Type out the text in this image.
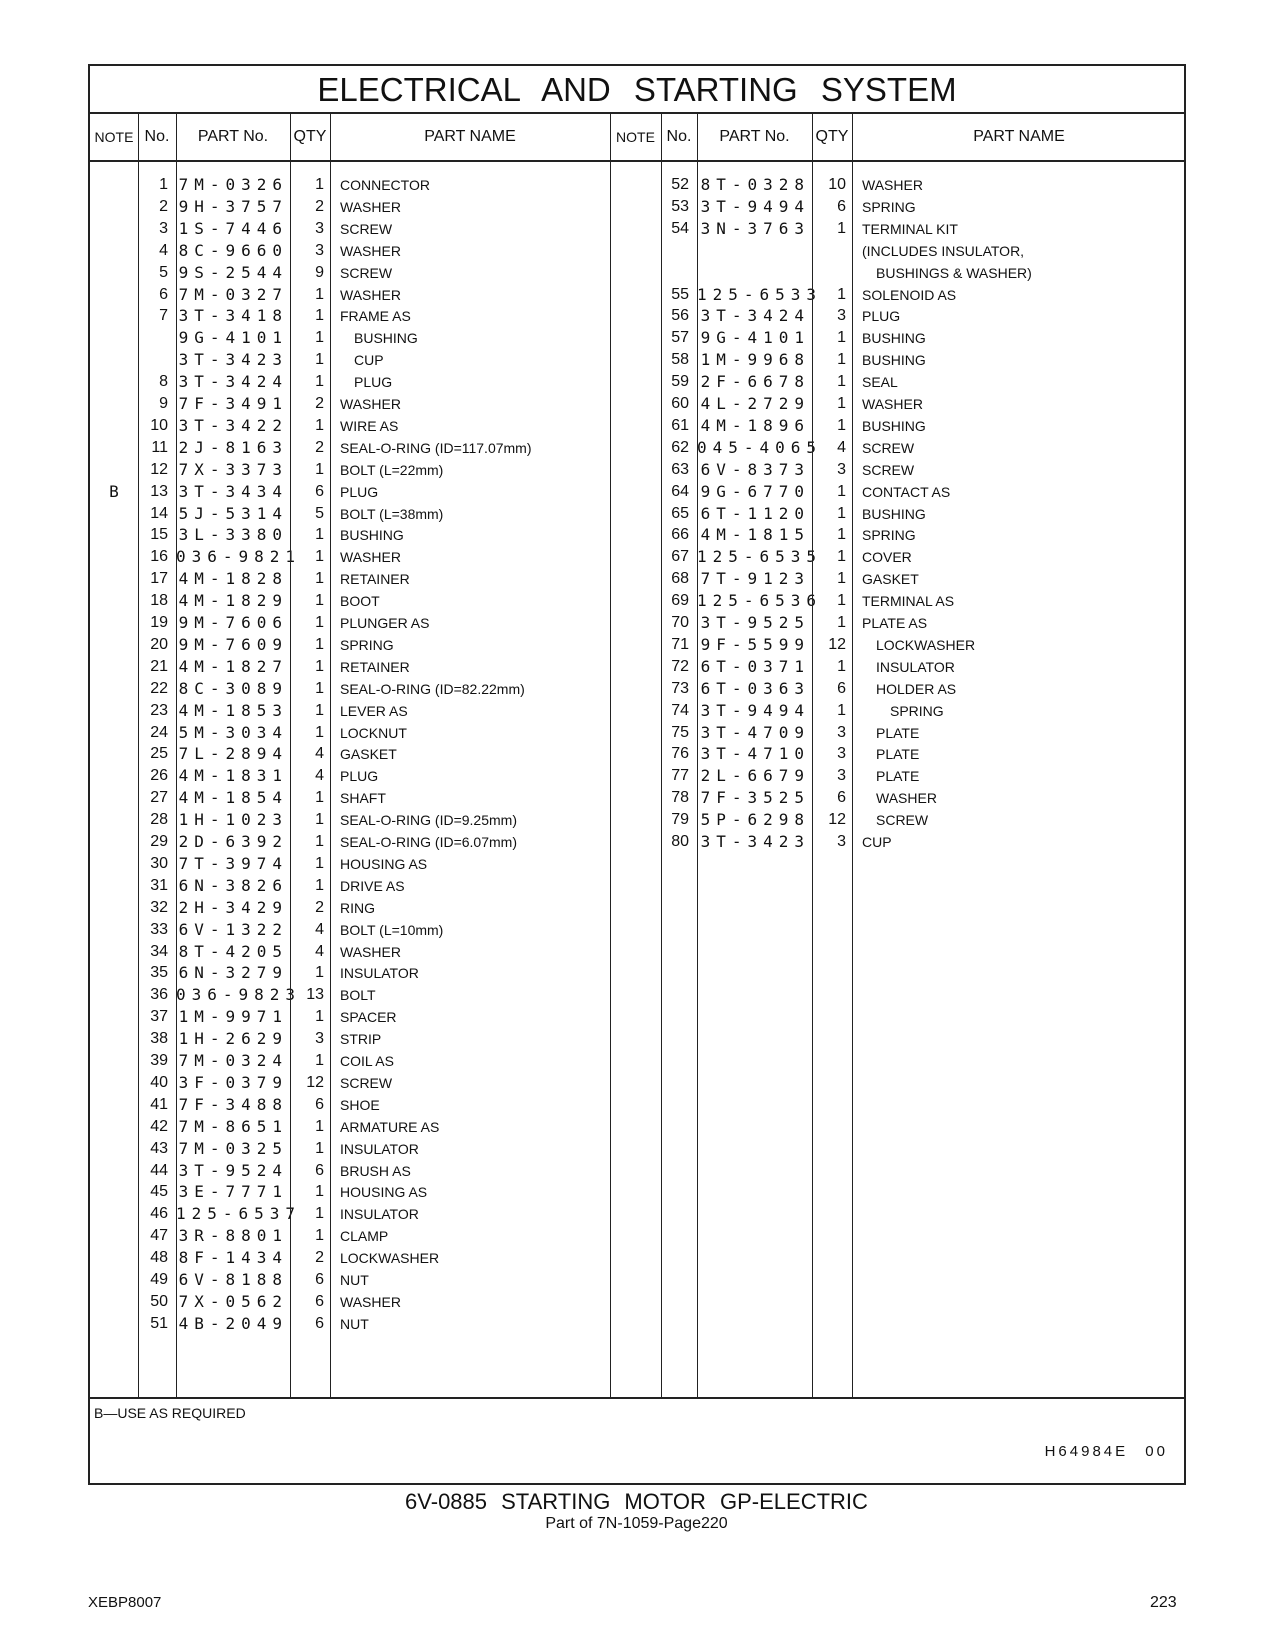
ELECTRICAL AND STARTING SYSTEM
NOTE No.	PART No.	QTY	PART NAME	NOTE No.	PART No.	QTY	PART NAME
1 7M-0326	1 CONNECTOR
2 9H-3757	2 WASHER
3 1S-7446	3 SCREW
4 8C-9660	3 WASHER
5 9S-2544	9 SCREW
6 7M-0327	1 WASHER
7 3T-3418	1 FRAME AS
9G-4101	1 BUSHING
3T-3423	1 CUP
8 3T-3424	1 PLUG
9 7F-3491	2 WASHER
10 3T-3422	1 WIRE AS
11 2J-8163	2 SEAL-O-RING (ID=117.07mm)
12 7X-3373	1 BOLT (L=22mm)
B	13 3T-3434	6 PLUG
14 5J-5314	5 BOLT (L=38mm)
15 3L-3380	1 BUSHING
16 036-9821 1 WASHER
17 4M-1828	1 RETAINER
18 4M-1829	1 BOOT
19 9M-7606	1 PLUNGER AS
20 9M-7609	1 SPRING
21 4M-1827	1 RETAINER
22 8C-3089	1 SEAL-O-RING (ID=82.22mm)
23 4M-1853	1 LEVER AS
24 5M-3034	1 LOCKNUT
25 7L-2894	4 GASKET
26 4M-1831	4 PLUG
27 4M-1854	1 SHAFT
28 1H-1023	1 SEAL-O-RING (ID=9.25mm)
29 2D-6392	1 SEAL-O-RING (ID=6.07mm)
30 7T-3974	1 HOUSING AS
31 6N-3826	1 DRIVE AS
32 2H-3429	2 RING
33 6V-1322	4 BOLT (L=10mm)
34 8T-4205	4 WASHER
35 6N-3279	1 INSULATOR
36 036-9823 13 BOLT
37 1M-9971	1 SPACER
38 1H-2629	3 STRIP
39 7M-0324	1 COIL AS
40 3F-0379	12 SCREW
41 7F-3488	6 SHOE
42 7M-8651	1 ARMATURE AS
43 7M-0325	1 INSULATOR
44 3T-9524	6 BRUSH AS
45 3E-7771	1 HOUSING AS
46 125-6537 1 INSULATOR
47 3R-8801	1 CLAMP
48 8F-1434	2 LOCKWASHER
49 6V-8188	6 NUT
50 7X-0562	6 WASHER
51 4B-2049	6 NUT
52 8T-0328	10 WASHER
53 3T-9494	6 SPRING
54 3N-3763	1 TERMINAL KIT
(INCLUDES INSULATOR,
BUSHINGS & WASHER)
55 125-6533 1 SOLENOID AS
56 3T-3424	3 PLUG
57 9G-4101	1 BUSHING
58 1M-9968	1 BUSHING
59 2F-6678	1 SEAL
60 4L-2729	1 WASHER
61 4M-1896	1 BUSHING
62 045-4065 4 SCREW
63 6V-8373	3 SCREW
64 9G-6770	1 CONTACT AS
65 6T-1120	1 BUSHING
66 4M-1815	1 SPRING
67 125-6535 1 COVER
68 7T-9123	1 GASKET
69 125-6536 1 TERMINAL AS
70 3T-9525	1 PLATE AS
71 9F-5599	12 LOCKWASHER
72 6T-0371	1 INSULATOR
73 6T-0363	6 HOLDER AS
74 3T-9494	1	SPRING
75 3T-4709	3 PLATE
76 3T-4710	3 PLATE
77 2L-6679	3 PLATE
78 7F-3525	6 WASHER
79 5P-6298	12 SCREW
80 3T-3423	3 CUP
B—USE AS REQUIRED
H64984E 00
6V-0885 STARTING MOTOR GP-ELECTRIC
Part of 7N-1059-Page220
XEBP8007	223
